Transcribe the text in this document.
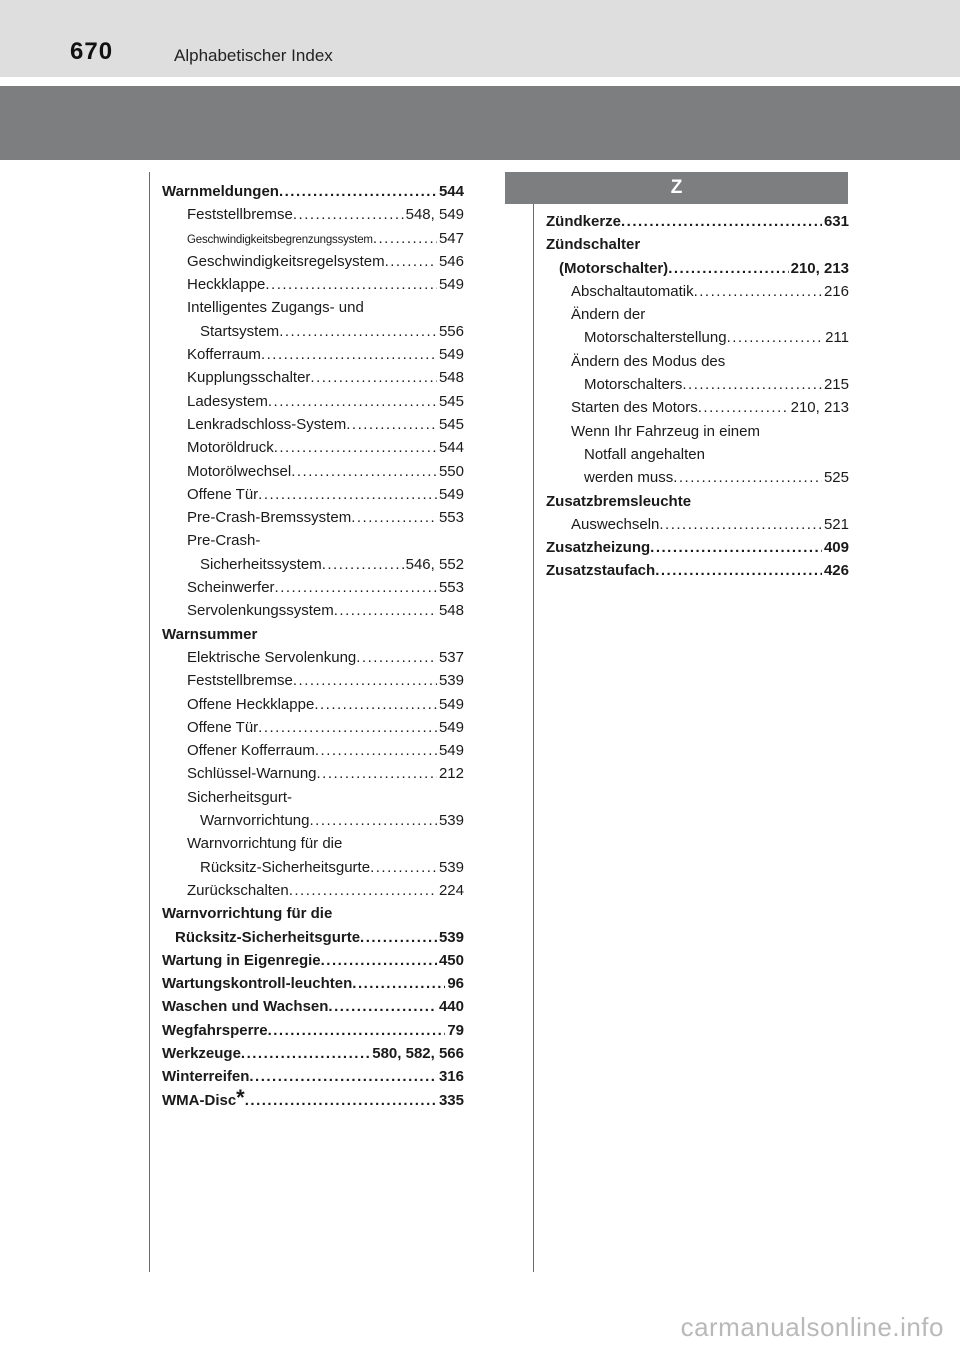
670	Alphabetischer Index
Z
Warnmeldungen .....	544
Feststellbremse .....	548, 549
Geschwindigkeitsbegrenzungssystem .....	547
Geschwindigkeitsregelsystem .....	546
Heckklappe .....	549
Intelligentes Zugangs- und
Startsystem .....	556
Kofferraum .....	549
Kupplungsschalter .....	548
Ladesystem .....	545
Lenkradschloss-System .....	545
Motoröldruck .....	544
Motorölwechsel .....	550
Offene Tür .....	549
Pre-Crash-Bremssystem .....	553
Pre-Crash-
Sicherheitssystem .....	546, 552
Scheinwerfer .....	553
Servolenkungssystem .....	548
Warnsummer
Elektrische Servolenkung .....	537
Feststellbremse .....	539
Offene Heckklappe .....	549
Offene Tür .....	549
Offener Kofferraum .....	549
Schlüssel-Warnung .....	212
Sicherheitsgurt-
Warnvorrichtung .....	539
Warnvorrichtung für die
Rücksitz-Sicherheitsgurte .....	539
Zurückschalten .....	224
Warnvorrichtung für die
Rücksitz-Sicherheitsgurte .....	539
Wartung in Eigenregie .....	450
Wartungskontroll-leuchten .....	96
Waschen und Wachsen .....	440
Wegfahrsperre .....	79
Werkzeuge .....	580, 582, 566
Winterreifen .....	316
WMA-Disc * .....	335
Zündkerze .....	631
Zündschalter
(Motorschalter) .....	210, 213
Abschaltautomatik .....	216
Ändern der
Motorschalterstellung .....	211
Ändern des Modus des
Motorschalters .....	215
Starten des Motors .....	210, 213
Wenn Ihr Fahrzeug in einem
Notfall angehalten
werden muss .....	525
Zusatzbremsleuchte
Auswechseln .....	521
Zusatzheizung .....	409
Zusatzstaufach .....	426
carmanualsonline.info
